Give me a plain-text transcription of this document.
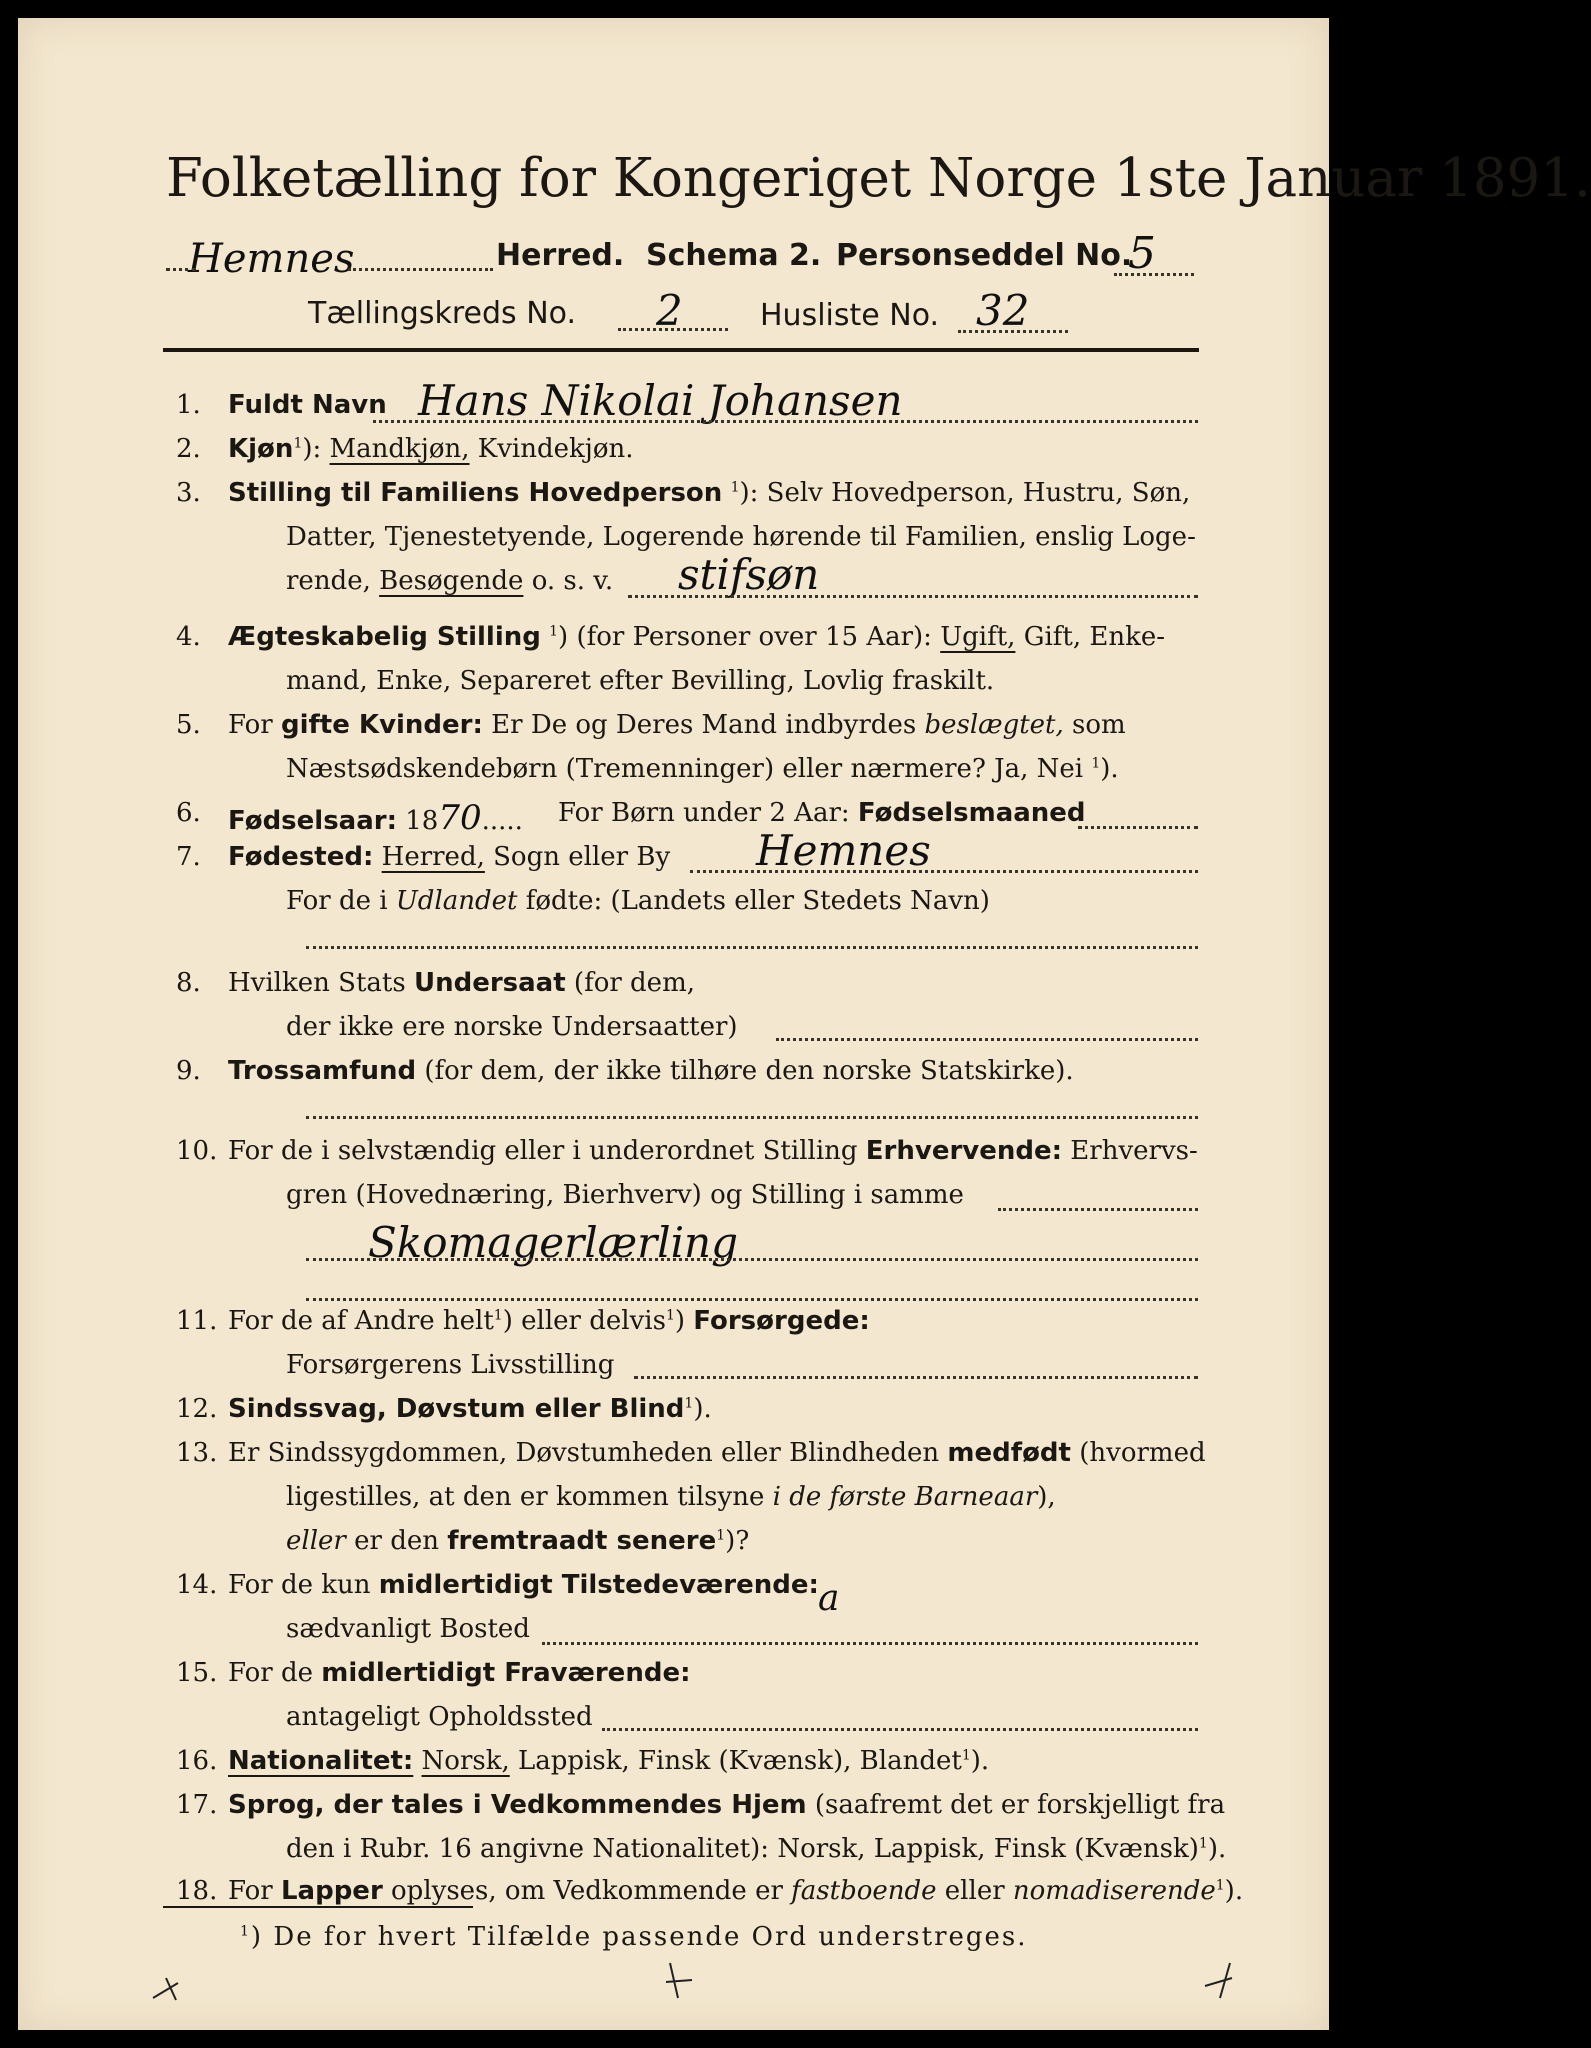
Folketælling for Kongeriget Norge 1ste Januar 1891.
Hemnes	Herred. Schema 2. Personseddel No.
5
Tællingskreds No. 2	Husliste No. 32
1. Fuldt Navn Hans Nikolai Johansen
2. Kjøn$^1$): Mandkjøn, Kvindekjøn.
3. Stilling til Familiens Hovedperson $^1$): Selv Hovedperson, Hustru, Søn,
Datter, Tjenestetyende, Logerende hørende til Familien, enslig Loge-
rende, Besøgende o. s. v. stifsøn
4. Ægteskabelig Stilling $^1$) (for Personer over 15 Aar): Ugift, Gift, Enke-
mand, Enke, Separeret efter Bevilling, Lovlig fraskilt.
5. For gifte Kvinder: Er De og Deres Mand indbyrdes beslægtet, som
Næstsødskendebørn (Tremenninger) eller nærmere? Ja, Nei $^1$).
6. Fødselsaar: 1870..... For Børn under 2 Aar: Fødselsmaaned
7. Fødested: Herred, Sogn eller By Hemnes
For de i Udlandet fødte: (Landets eller Stedets Navn)
8. Hvilken Stats Undersaat (for dem,
der ikke ere norske Undersaatter)
9. Trossamfund (for dem, der ikke tilhøre den norske Statskirke).
10. For de i selvstændig eller i underordnet Stilling Erhvervende: Erhvervs-
gren (Hovednæring, Bierhverv) og Stilling i samme
Skomagerlærling
11. For de af Andre helt$^1$) eller delvis$^1$) Forsørgede:
Forsørgerens Livsstilling
12. Sindssvag, Døvstum eller Blind$^1$).
13. Er Sindssygdommen, Døvstumheden eller Blindheden medfødt (hvormed
ligestilles, at den er kommen tilsyne i de første Barneaar),
eller er den fremtraadt senere$^1$)?
14. For de kun midlertidigt Tilstedeværende:
sædvanligt Bosted
a
15. For de midlertidigt Fraværende:
antageligt Opholdssted
16. Nationalitet: Norsk, Lappisk, Finsk (Kvænsk), Blandet$^1$).
17. Sprog, der tales i Vedkommendes Hjem (saafremt det er forskjelligt fra
den i Rubr. 16 angivne Nationalitet): Norsk, Lappisk, Finsk (Kvænsk)$^1$).
18. For Lapper oplyses, om Vedkommende er fastboende eller nomadiserende$^1$).
$^1$) De for hvert Tilfælde passende Ord understreges.
